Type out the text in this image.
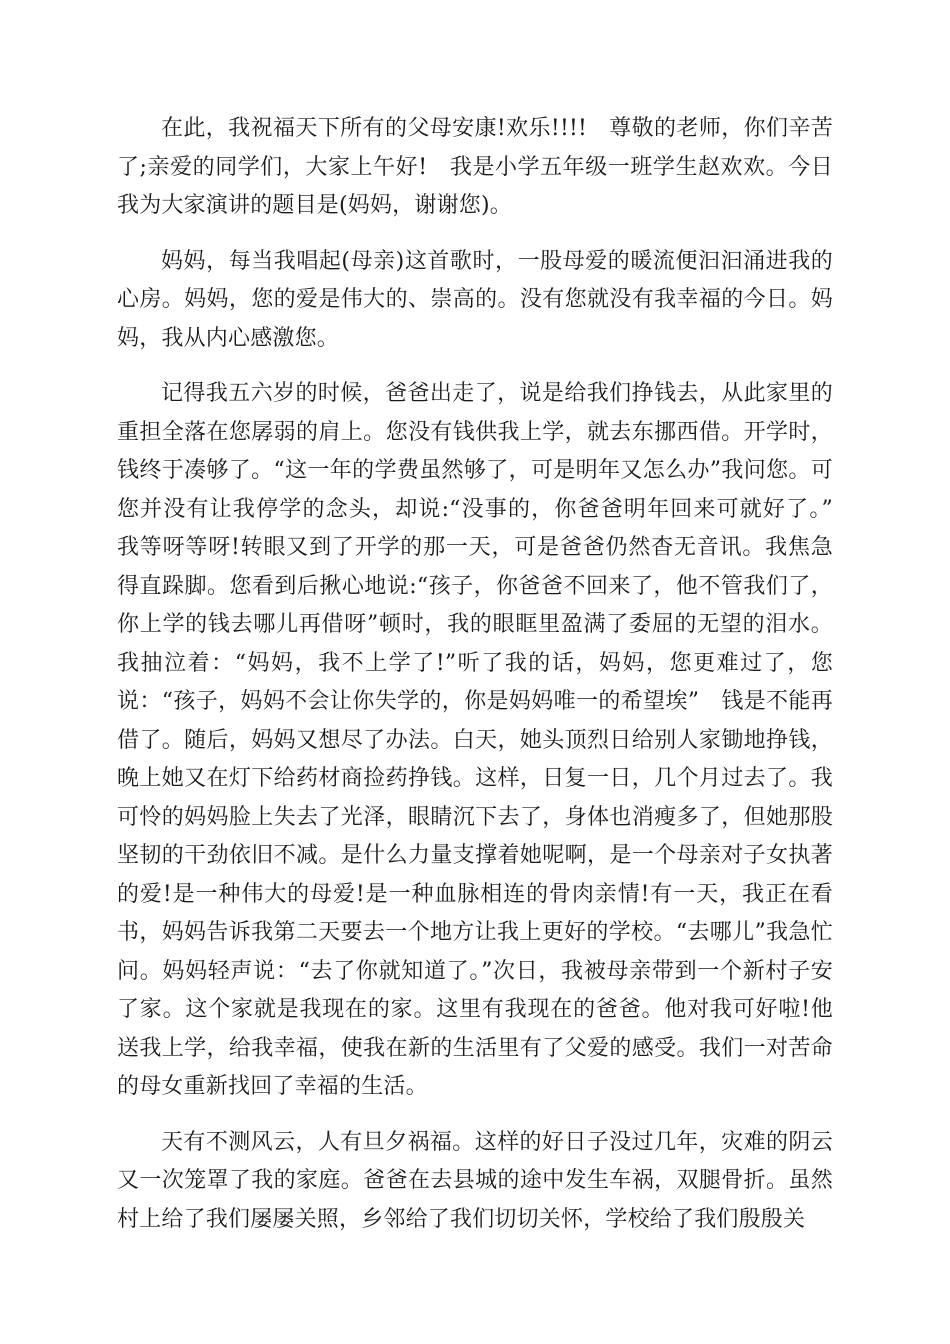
在此，我祝福天下所有的父母安康!欢乐!!!!   尊敬的老师，你们辛苦了;亲爱的同学们，大家上午好!   我是小学五年级一班学生赵欢欢。今日我为大家演讲的题目是(妈妈，谢谢您)。

妈妈，每当我唱起(母亲)这首歌时，一股母爱的暖流便汩汩涌进我的心房。妈妈，您的爱是伟大的、崇高的。没有您就没有我幸福的今日。妈妈，我从内心感激您。

记得我五六岁的时候，爸爸出走了，说是给我们挣钱去，从此家里的重担全落在您孱弱的肩上。您没有钱供我上学，就去东挪西借。开学时，钱终于凑够了。“这一年的学费虽然够了，可是明年又怎么办”我问您。可您并没有让我停学的念头，却说:“没事的，你爸爸明年回来可就好了。”    我等呀等呀!转眼又到了开学的那一天，可是爸爸仍然杳无音讯。我焦急得直跺脚。您看到后揪心地说:“孩子，你爸爸不回来了，他不管我们了，你上学的钱去哪儿再借呀”顿时，我的眼眶里盈满了委屈的无望的泪水。我抽泣着：“妈妈，我不上学了!”听了我的话，妈妈，您更难过了，您说：“孩子，妈妈不会让你失学的，你是妈妈唯一的希望埃”   钱是不能再借了。随后，妈妈又想尽了办法。白天，她头顶烈日给别人家锄地挣钱，晚上她又在灯下给药材商捡药挣钱。这样，日复一日，几个月过去了。我可怜的妈妈脸上失去了光泽，眼睛沉下去了，身体也消瘦多了，但她那股坚韧的干劲依旧不减。是什么力量支撑着她呢啊，是一个母亲对子女执著的爱!是一种伟大的母爱!是一种血脉相连的骨肉亲情!有一天，我正在看书，妈妈告诉我第二天要去一个地方让我上更好的学校。“去哪儿”我急忙问。妈妈轻声说：“去了你就知道了。”次日，我被母亲带到一个新村子安了家。这个家就是我现在的家。这里有我现在的爸爸。他对我可好啦!他送我上学，给我幸福，使我在新的生活里有了父爱的感受。我们一对苦命的母女重新找回了幸福的生活。

天有不测风云，人有旦夕祸福。这样的好日子没过几年，灾难的阴云又一次笼罩了我的家庭。爸爸在去县城的途中发生车祸，双腿骨折。虽然村上给了我们屡屡关照，乡邻给了我们切切关怀，学校给了我们殷殷关
